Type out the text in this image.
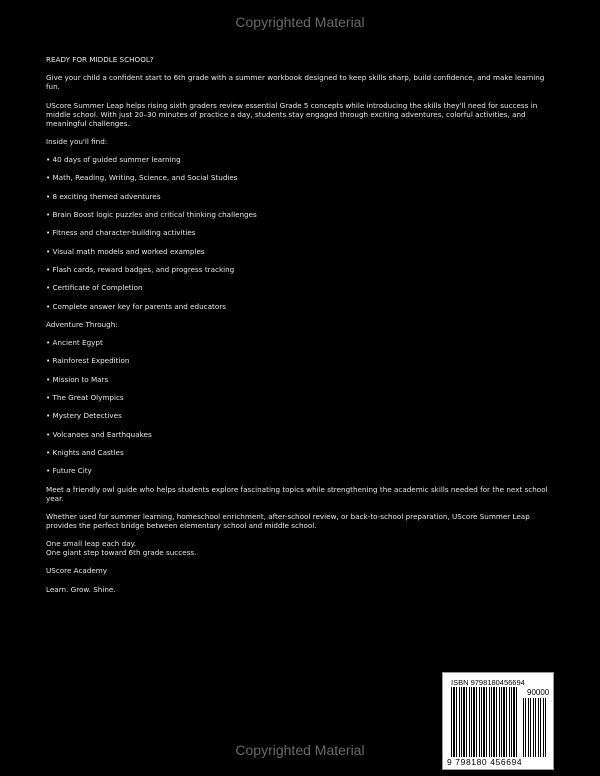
Copyrighted Material

READY FOR MIDDLE SCHOOL?

Give your child a confident start to 6th grade with a summer workbook designed to keep skills sharp, build confidence, and make learning fun.

UScore Summer Leap helps rising sixth graders review essential Grade 5 concepts while introducing the skills they'll need for success in middle school. With just 20–30 minutes of practice a day, students stay engaged through exciting adventures, colorful activities, and meaningful challenges.

Inside you'll find:

• 40 days of guided summer learning

• Math, Reading, Writing, Science, and Social Studies

• 8 exciting themed adventures

• Brain Boost logic puzzles and critical thinking challenges

• Fitness and character-building activities

• Visual math models and worked examples

• Flash cards, reward badges, and progress tracking

• Certificate of Completion

• Complete answer key for parents and educators

Adventure Through:

• Ancient Egypt

• Rainforest Expedition

• Mission to Mars

• The Great Olympics

• Mystery Detectives

• Volcanoes and Earthquakes

• Knights and Castles

• Future City

Meet a friendly owl guide who helps students explore fascinating topics while strengthening the academic skills needed for the next school year.

Whether used for summer learning, homeschool enrichment, after-school review, or back-to-school preparation, UScore Summer Leap provides the perfect bridge between elementary school and middle school.

One small leap each day.

One giant step toward 6th grade success.

UScore Academy

Learn. Grow. Shine.

ISBN 9798180456694
90000
9 798180 456694
Copyrighted Material
